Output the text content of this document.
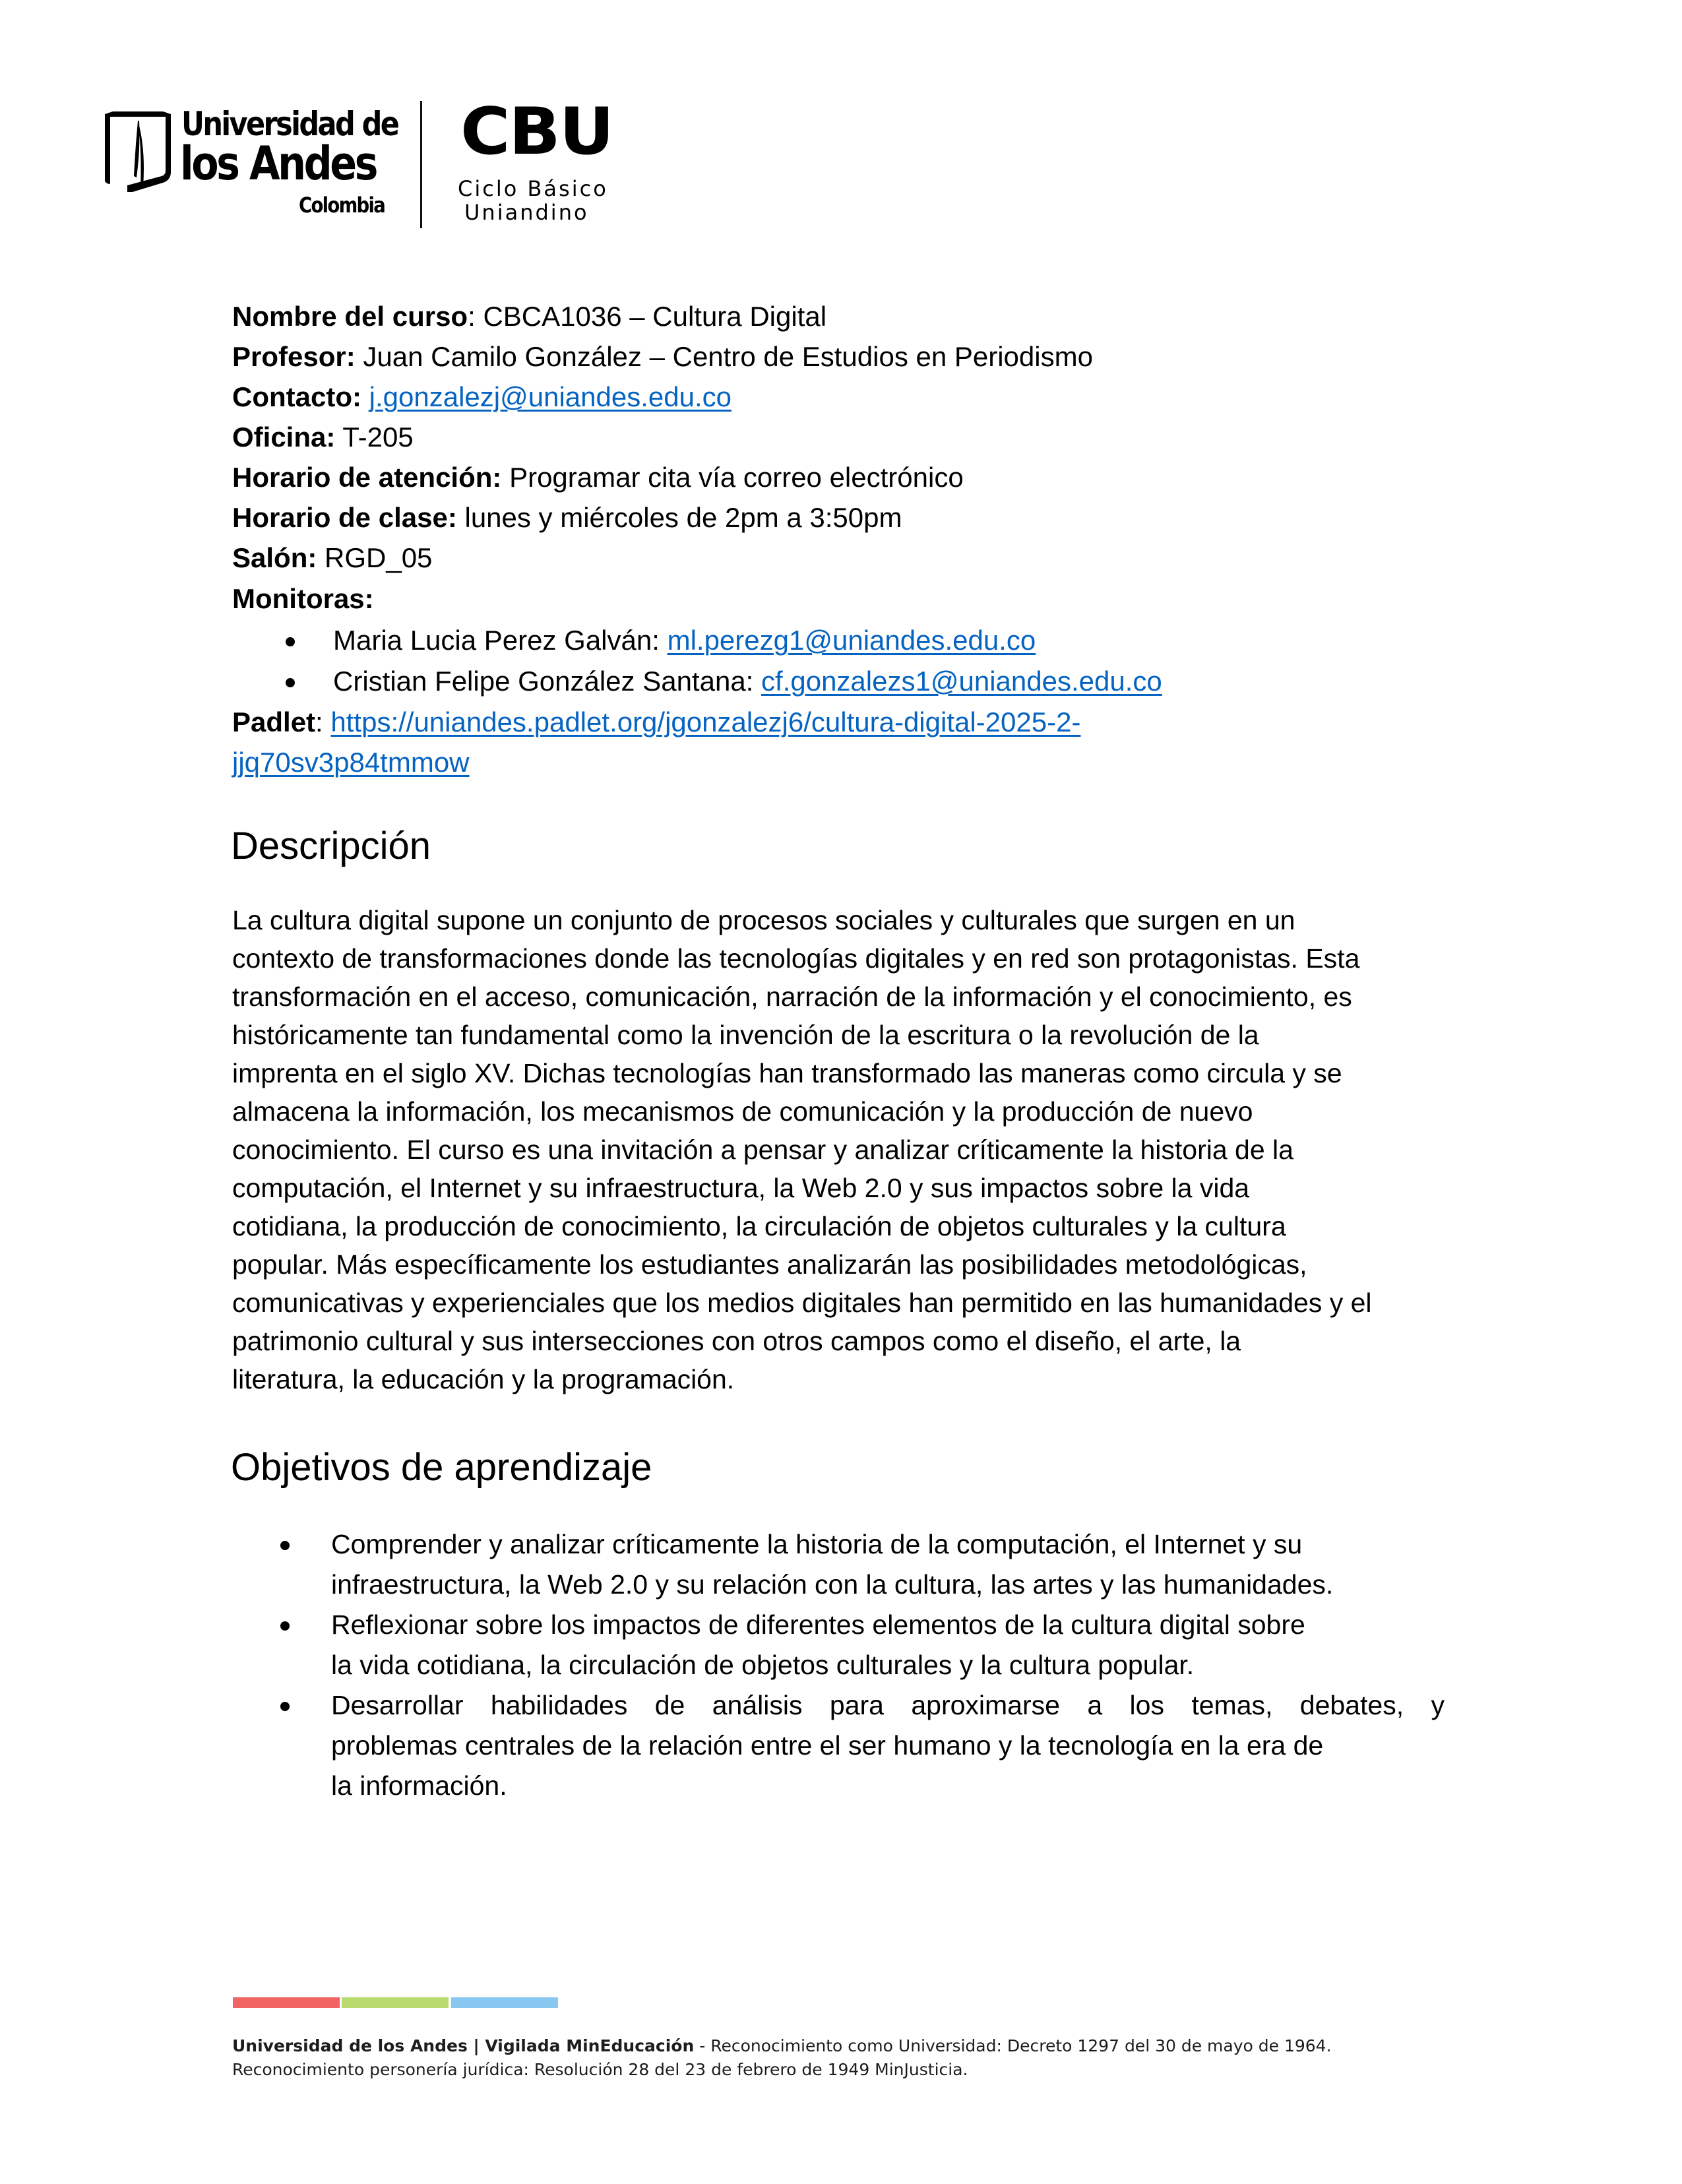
Universidad de
los Andes
Colombia
CBU
Ciclo Básico
Uniandino
Nombre del curso: CBCA1036 – Cultura Digital
Profesor: Juan Camilo González – Centro de Estudios en Periodismo
Contacto: j.gonzalezj@uniandes.edu.co
Oficina: T-205
Horario de atención: Programar cita vía correo electrónico
Horario de clase: lunes y miércoles de 2pm a 3:50pm
Salón: RGD_05
Monitoras:
Maria Lucia Perez Galván: ml.perezg1@uniandes.edu.co
Cristian Felipe González Santana: cf.gonzalezs1@uniandes.edu.co
Padlet: https://uniandes.padlet.org/jgonzalezj6/cultura-digital-2025-2-
jjq70sv3p84tmmow
Descripción
La cultura digital supone un conjunto de procesos sociales y culturales que surgen en un
contexto de transformaciones donde las tecnologías digitales y en red son protagonistas. Esta
transformación en el acceso, comunicación, narración de la información y el conocimiento, es
históricamente tan fundamental como la invención de la escritura o la revolución de la
imprenta en el siglo XV. Dichas tecnologías han transformado las maneras como circula y se
almacena la información, los mecanismos de comunicación y la producción de nuevo
conocimiento. El curso es una invitación a pensar y analizar críticamente la historia de la
computación, el Internet y su infraestructura, la Web 2.0 y sus impactos sobre la vida
cotidiana, la producción de conocimiento, la circulación de objetos culturales y la cultura
popular. Más específicamente los estudiantes analizarán las posibilidades metodológicas,
comunicativas y experienciales que los medios digitales han permitido en las humanidades y el
patrimonio cultural y sus intersecciones con otros campos como el diseño, el arte, la
literatura, la educación y la programación.
Objetivos de aprendizaje
Comprender y analizar críticamente la historia de la computación, el Internet y su
infraestructura, la Web 2.0 y su relación con la cultura, las artes y las humanidades.
Reflexionar sobre los impactos de diferentes elementos de la cultura digital sobre
la vida cotidiana, la circulación de objetos culturales y la cultura popular.
Desarrollar habilidades de análisis para aproximarse a los temas, debates, y
problemas centrales de la relación entre el ser humano y la tecnología en la era de
la información.
Universidad de los Andes | Vigilada MinEducación - Reconocimiento como Universidad: Decreto 1297 del 30 de mayo de 1964.
Reconocimiento personería jurídica: Resolución 28 del 23 de febrero de 1949 MinJusticia.
